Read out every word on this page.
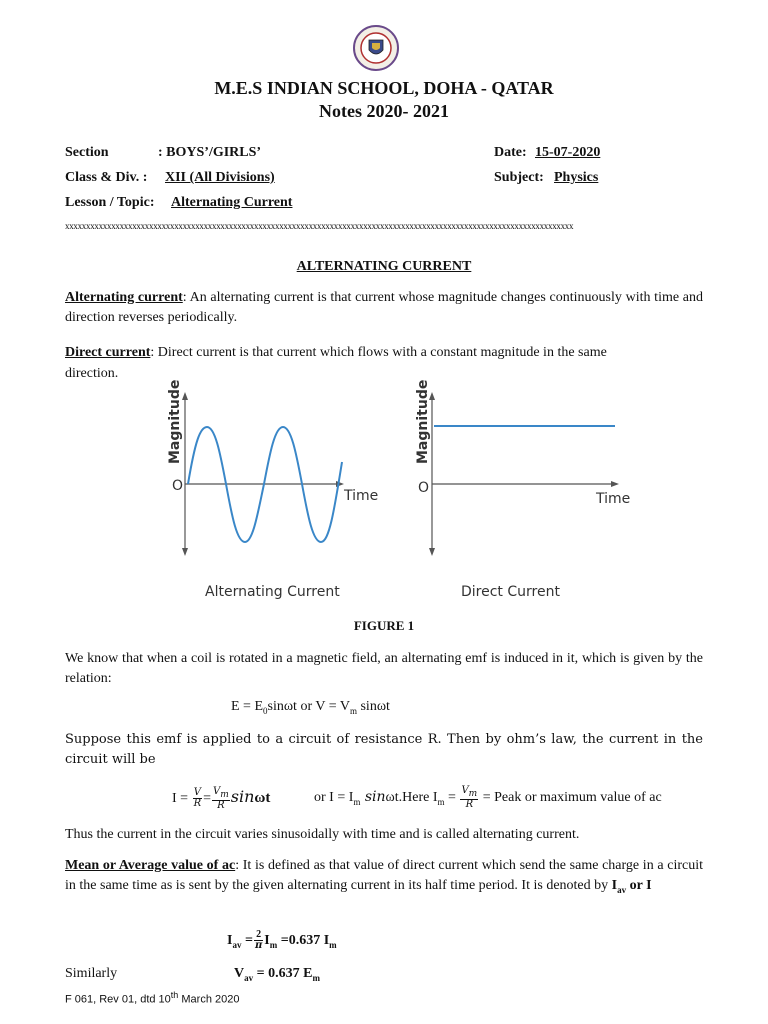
M.E.S INDIAN SCHOOL, DOHA - QATAR
Notes 2020- 2021
Section	: BOYS’/GIRLS’	Date: 15-07-2020
Class & Div. : XII (All Divisions)	Subject: Physics
Lesson / Topic: Alternating Current
xxxxxxxxxxxxxxxxxxxxxxxxxxxxxxxxxxxxxxxxxxxxxxxxxxxxxxxxxxxxxxxxxxxxxxxxxxxxxxxxxxxxxxxxxxxxxxxxxxxxxxxxxxxxxxxxxxxxxxxxx
ALTERNATING CURRENT
Alternating current: An alternating current is that current whose magnitude changes continuously with time and direction reverses periodically.
Direct current: Direct current is that current which flows with a constant magnitude in the same
direction.
Magnitude
O
Time
Alternating Current
Magnitude
O
Time
Direct Current
FIGURE 1
We know that when a coil is rotated in a magnetic field, an alternating emf is induced in it, which is given by the relation:
$E = E_0\sin\omega t$ or $V = V_m$ sinωt
Suppose this emf is applied to a circuit of resistance R. Then by ohm’s law, the current in the circuit will be
$I = \frac{V}{R} = \frac{V_m}{R}$ sinωt	or $I = I_m$ sinωt.Here $I_m = \frac{V_m}{R}$ = Peak or maximum value of ac
Thus the current in the circuit varies sinusoidally with time and is called alternating current.
Mean or Average value of ac: It is defined as that value of direct current which send the same charge in a circuit in the same time as is sent by the given alternating current in its half time period. It is denoted by $I_{av}$ or I
$I_{av} = \frac{2}{\pi} I_m =0.637$ $I_m$
Similarly	$V_{av} = 0.637$ $E_m$
F 061, Rev 01, dtd 10th March 2020
